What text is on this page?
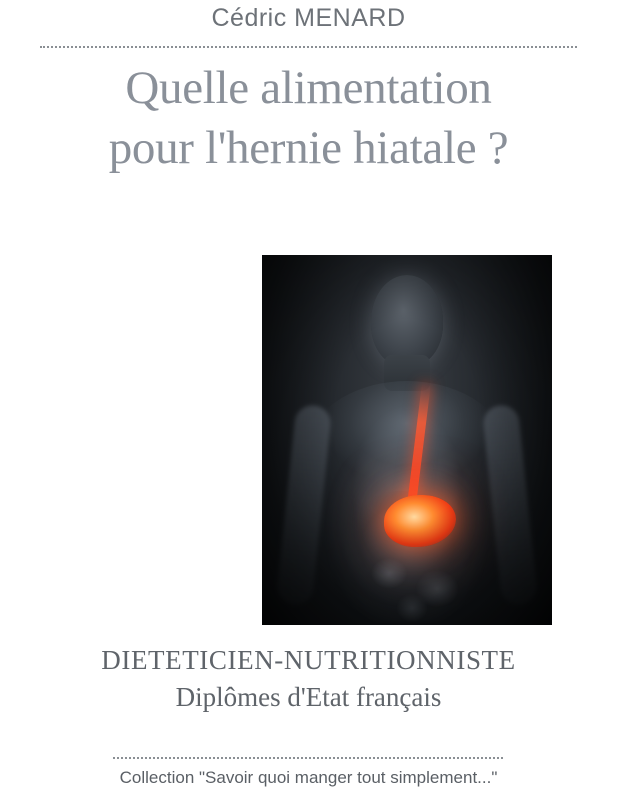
Cédric MENARD
Quelle alimentation
pour l'hernie hiatale ?
DIETETICIEN-NUTRITIONNISTE
Diplômes d'Etat français
Collection "Savoir quoi manger tout simplement..."
